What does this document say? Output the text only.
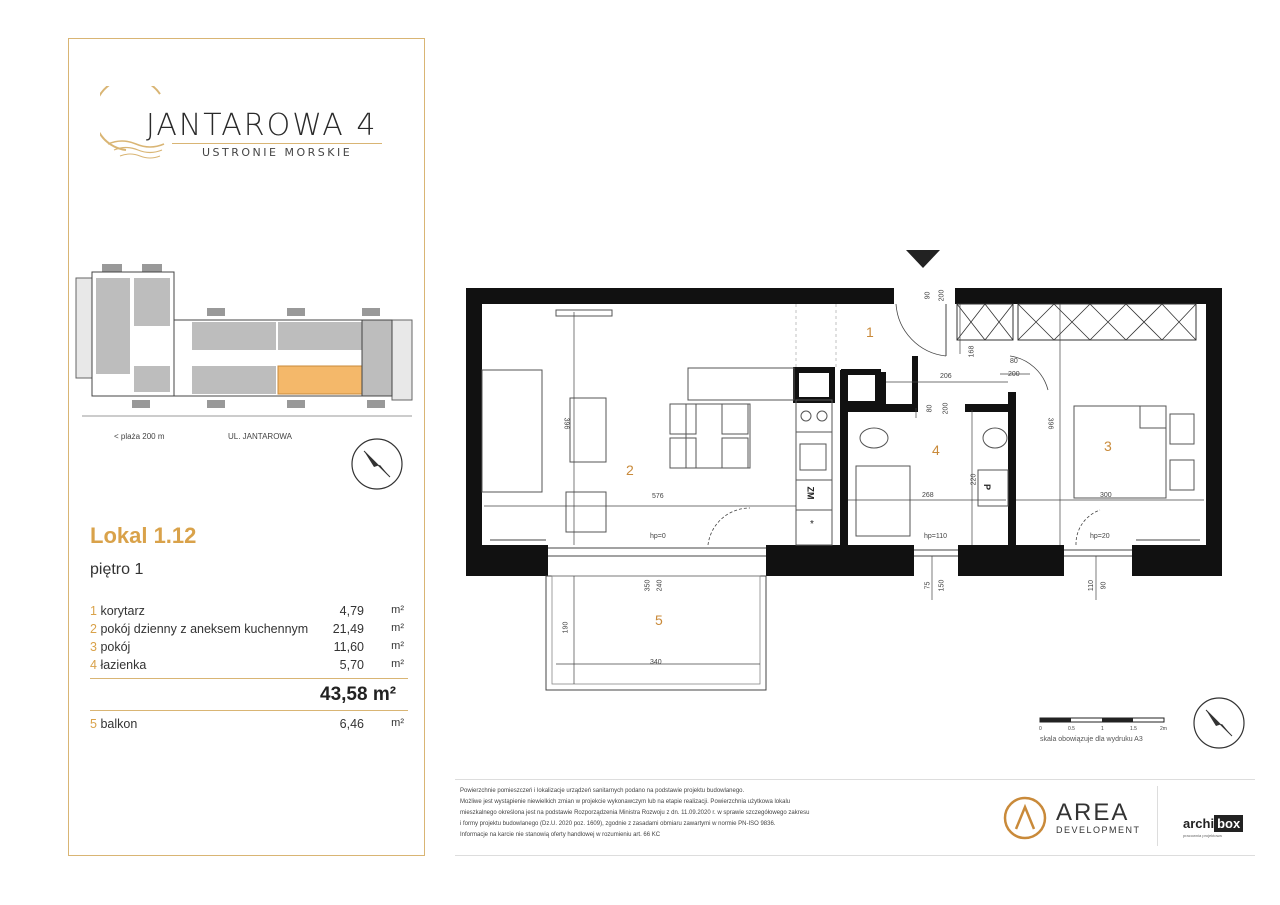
JANTAROWA 4
USTRONIE MORSKIE
< plaża 200 m	UL. JANTAROWA
Lokal 1.12
piętro 1
1 korytarz	4,79 m²
2 pokój dzienny z aneksem kuchennym 21,49 m²
3 pokój	11,60 m²
4 łazienka	5,70 m²
43,58 m²
5 balkon	6,46 m²
1
2
3
4
5
576	300
268
206
396	396
340
190
350 240
168
200
90
80
200
80 200
220
75 150	110 90
hp=0	hp=110	hp=20
ZM	P
*
0	0.5	1	1.5	2m
skala obowiązuje dla wydruku A3
Powierzchnie pomieszczeń i lokalizacje urządzeń sanitarnych podano na podstawie projektu budowlanego.
Możliwe jest wystąpienie niewielkich zmian w projekcie wykonawczym lub na etapie realizacji. Powierzchnia użytkowa lokalu
mieszkalnego określona jest na podstawie Rozporządzenia Ministra Rozwoju z dn. 11.09.2020 r. w sprawie szczegółowego zakresu
i formy projektu budowlanego (Dz.U. 2020 poz. 1609), zgodnie z zasadami obmiaru zawartymi w normie PN-ISO 9836.
Informacje na karcie nie stanowią oferty handlowej w rozumieniu art. 66 KC
AREA
DEVELOPMENT	archi box
pracownia projektowa
